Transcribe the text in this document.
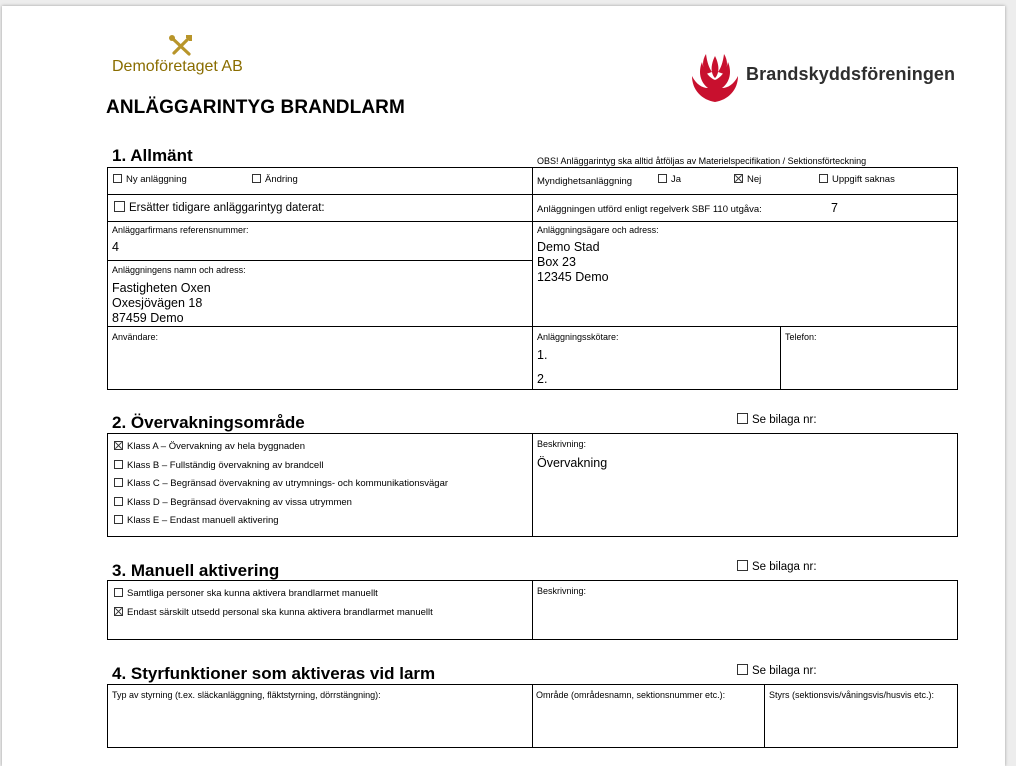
Demoföretaget AB	Brandskyddsföreningen
ANLÄGGARINTYG BRANDLARM
1. Allmänt	OBS! Anläggarintyg ska alltid åtföljas av Materielspecifikation / Sektionsförteckning
Ny anläggning	Ändring	Myndighetsanläggning	Ja	Nej	Uppgift saknas
Ersätter tidigare anläggarintyg daterat:	Anläggningen utförd enligt regelverk SBF 110 utgåva:	7
Anläggarfirmans referensnummer:
4
Anläggningsägare och adress:
Demo Stad
Box 23
12345 Demo
Anläggningens namn och adress:
Fastigheten Oxen
Oxesjövägen 18
87459 Demo
Användare:	Anläggningsskötare:
1.
2.
Telefon:
2. Övervakningsområde	Se bilaga nr:
Klass A – Övervakning av hela byggnaden
Klass B – Fullständig övervakning av brandcell
Klass C – Begränsad övervakning av utrymnings- och kommunikationsvägar
Klass D – Begränsad övervakning av vissa utrymmen
Klass E – Endast manuell aktivering
Beskrivning:
Övervakning
3. Manuell aktivering	Se bilaga nr:
Samtliga personer ska kunna aktivera brandlarmet manuellt
Endast särskilt utsedd personal ska kunna aktivera brandlarmet manuellt
Beskrivning:
4. Styrfunktioner som aktiveras vid larm	Se bilaga nr:
Typ av styrning (t.ex. släckanläggning, fläktstyrning, dörrstängning):	Område (områdesnamn, sektionsnummer etc.):	Styrs (sektionsvis/våningsvis/husvis etc.):
